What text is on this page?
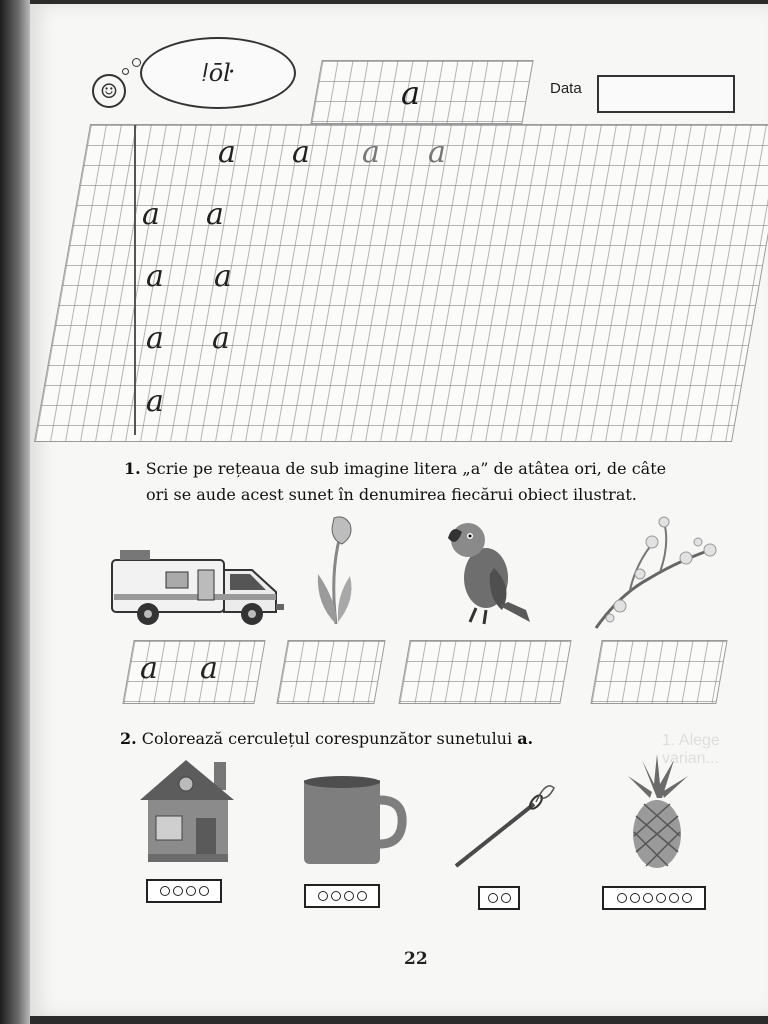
☺
ǃōŀ
a	Data
a a a a
a a
a a
a a
a
1. Scrie pe rețeaua de sub imagine litera „a” de atâtea ori, de câte
ori se aude acest sunet în denumirea fiecărui obiect ilustrat.
a a
1. Alege varian...
2. Colorează cerculețul corespunzător sunetului a.
22
